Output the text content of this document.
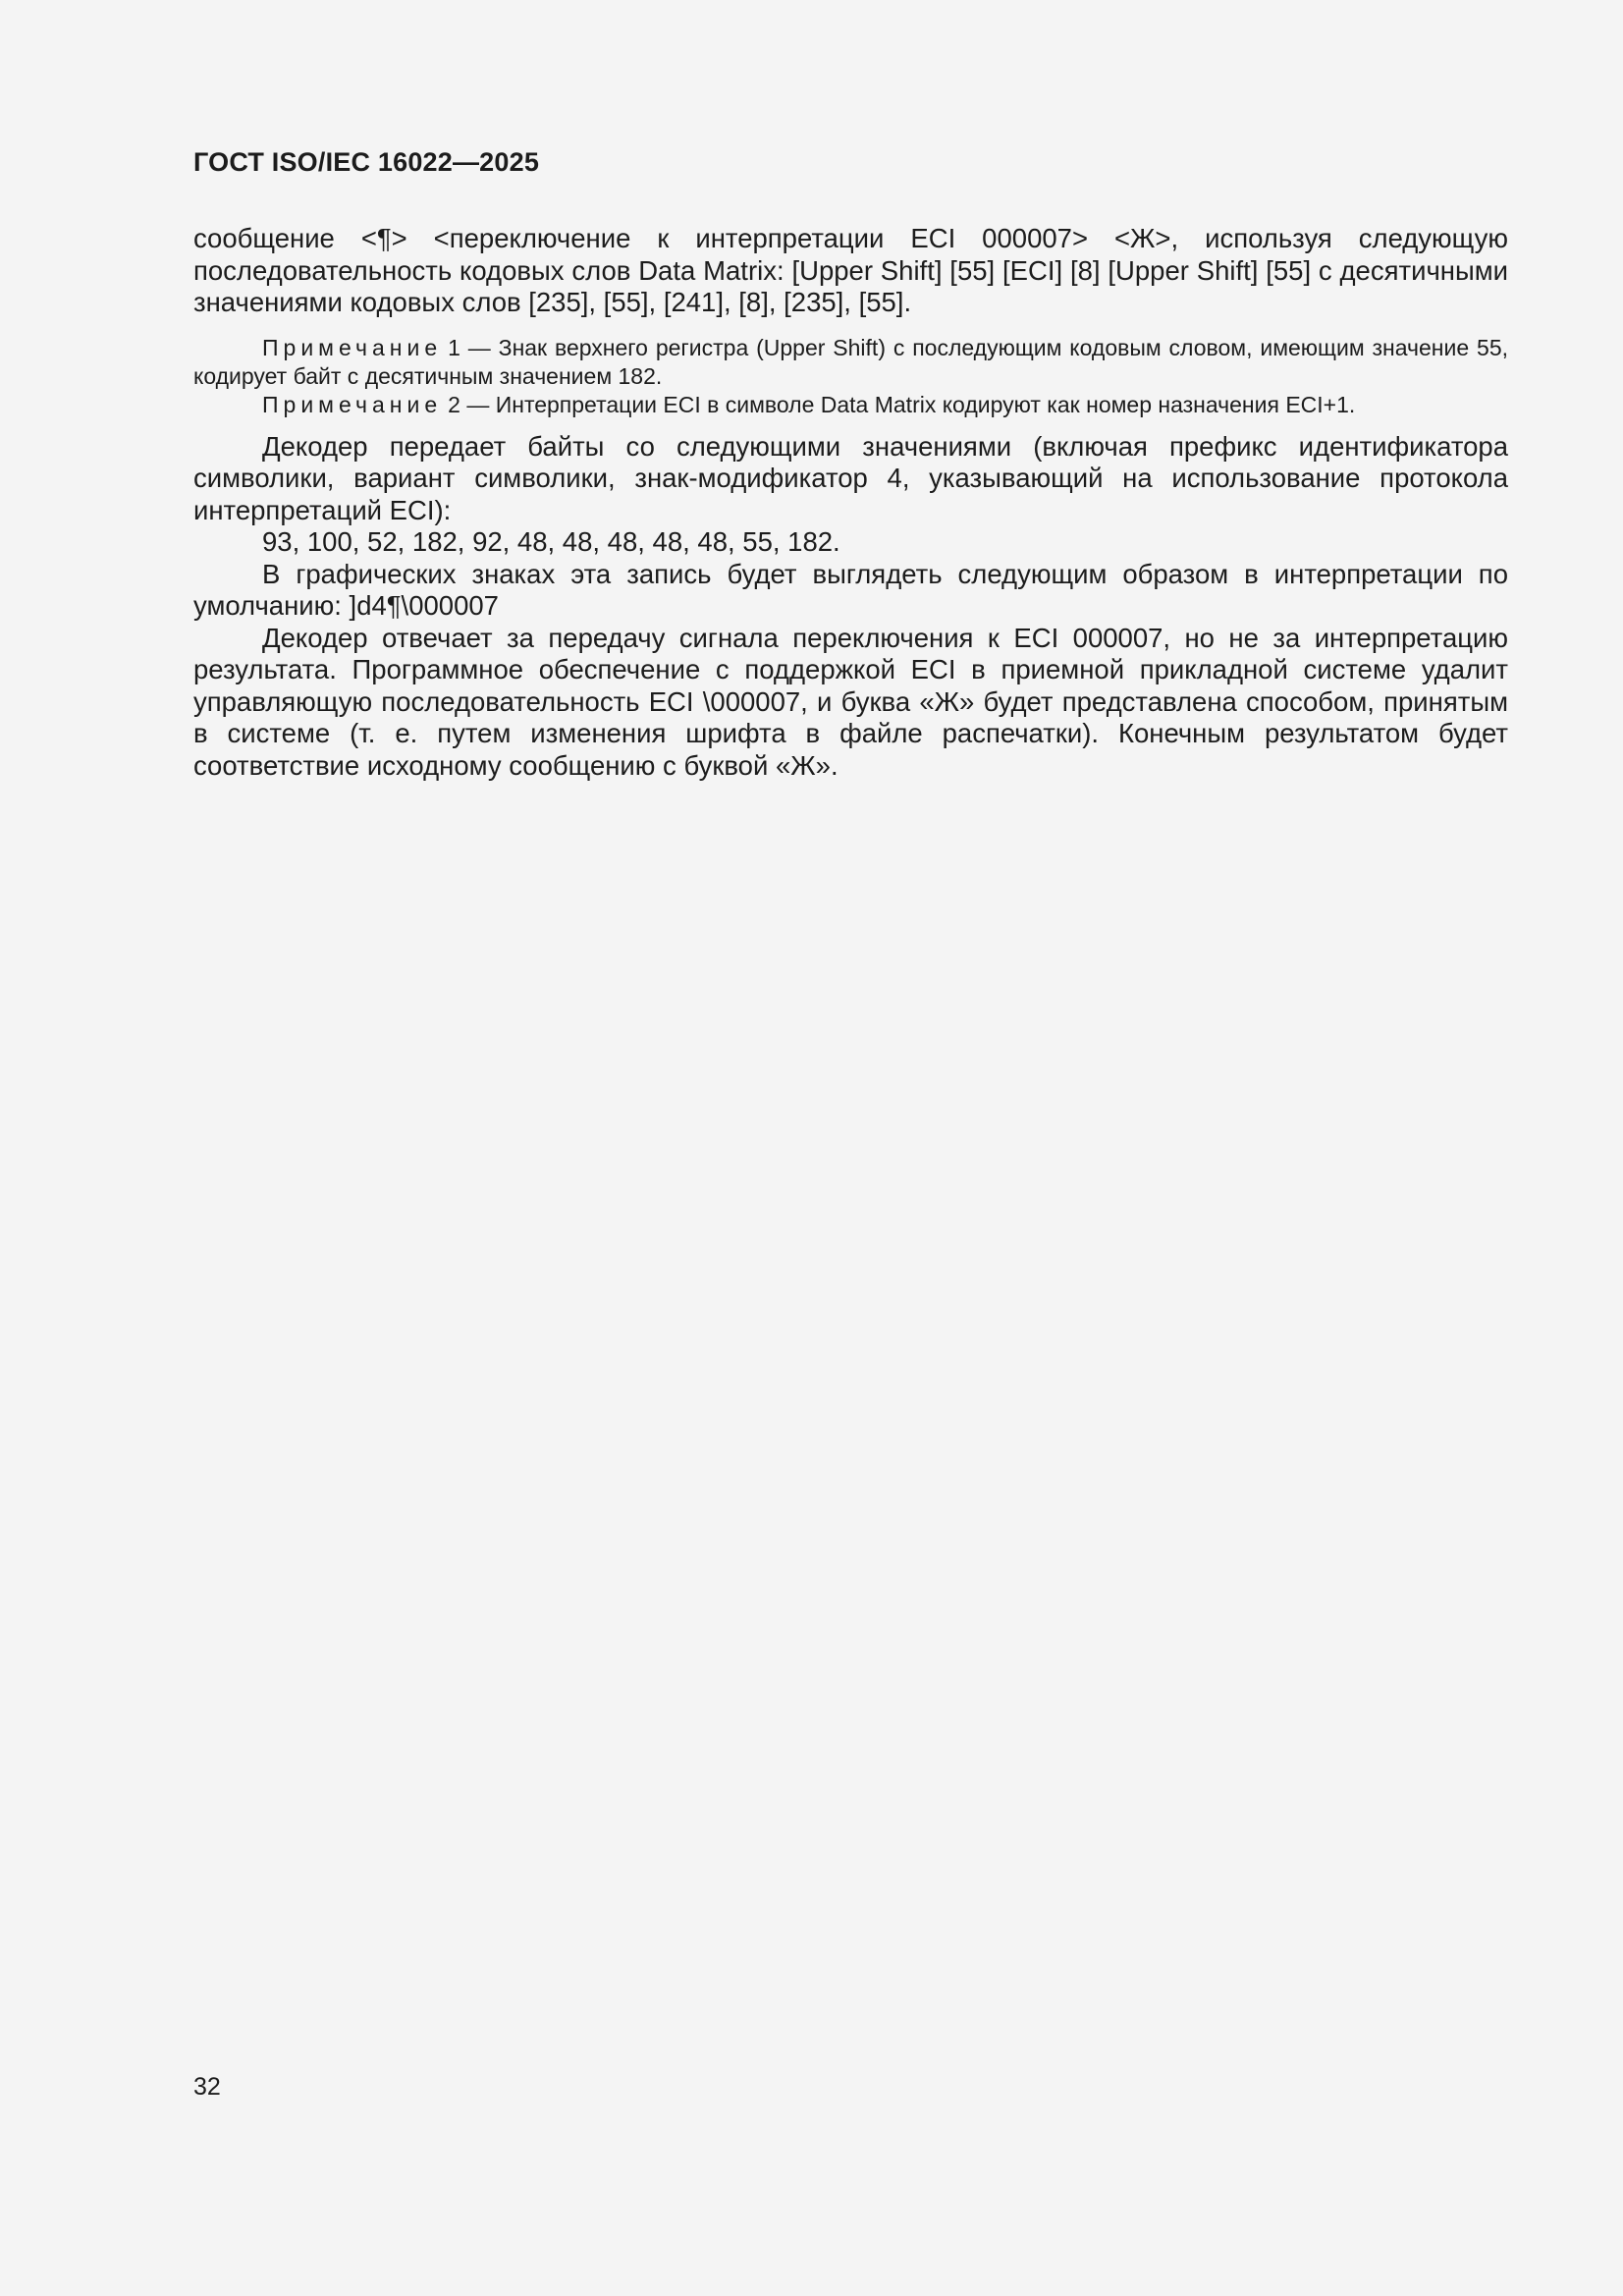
ГОСТ ISO/IEC 16022—2025

сообщение <¶> <переключение к интерпретации ECI 000007> <Ж>, используя следующую последовательность кодовых слов Data Matrix: [Upper Shift] [55] [ECI] [8] [Upper Shift] [55] с десятичными значениями кодовых слов [235], [55], [241], [8], [235], [55].

Примечание 1 — Знак верхнего регистра (Upper Shift) с последующим кодовым словом, имеющим значение 55, кодирует байт с десятичным значением 182.

Примечание 2 — Интерпретации ECI в символе Data Matrix кодируют как номер назначения ECI+1.

Декодер передает байты со следующими значениями (включая префикс идентификатора символики, вариант символики, знак-модификатор 4, указывающий на использование протокола интерпретаций ECI):

93, 100, 52, 182, 92, 48, 48, 48, 48, 48, 55, 182.

В графических знаках эта запись будет выглядеть следующим образом в интерпретации по умолчанию: ]d4¶\000007

Декодер отвечает за передачу сигнала переключения к ECI 000007, но не за интерпретацию результата. Программное обеспечение с поддержкой ECI в приемной прикладной системе удалит управляющую последовательность ECI \000007, и буква «Ж» будет представлена способом, принятым в системе (т. е. путем изменения шрифта в файле распечатки). Конечным результатом будет соответствие исходному сообщению с буквой «Ж».

32
